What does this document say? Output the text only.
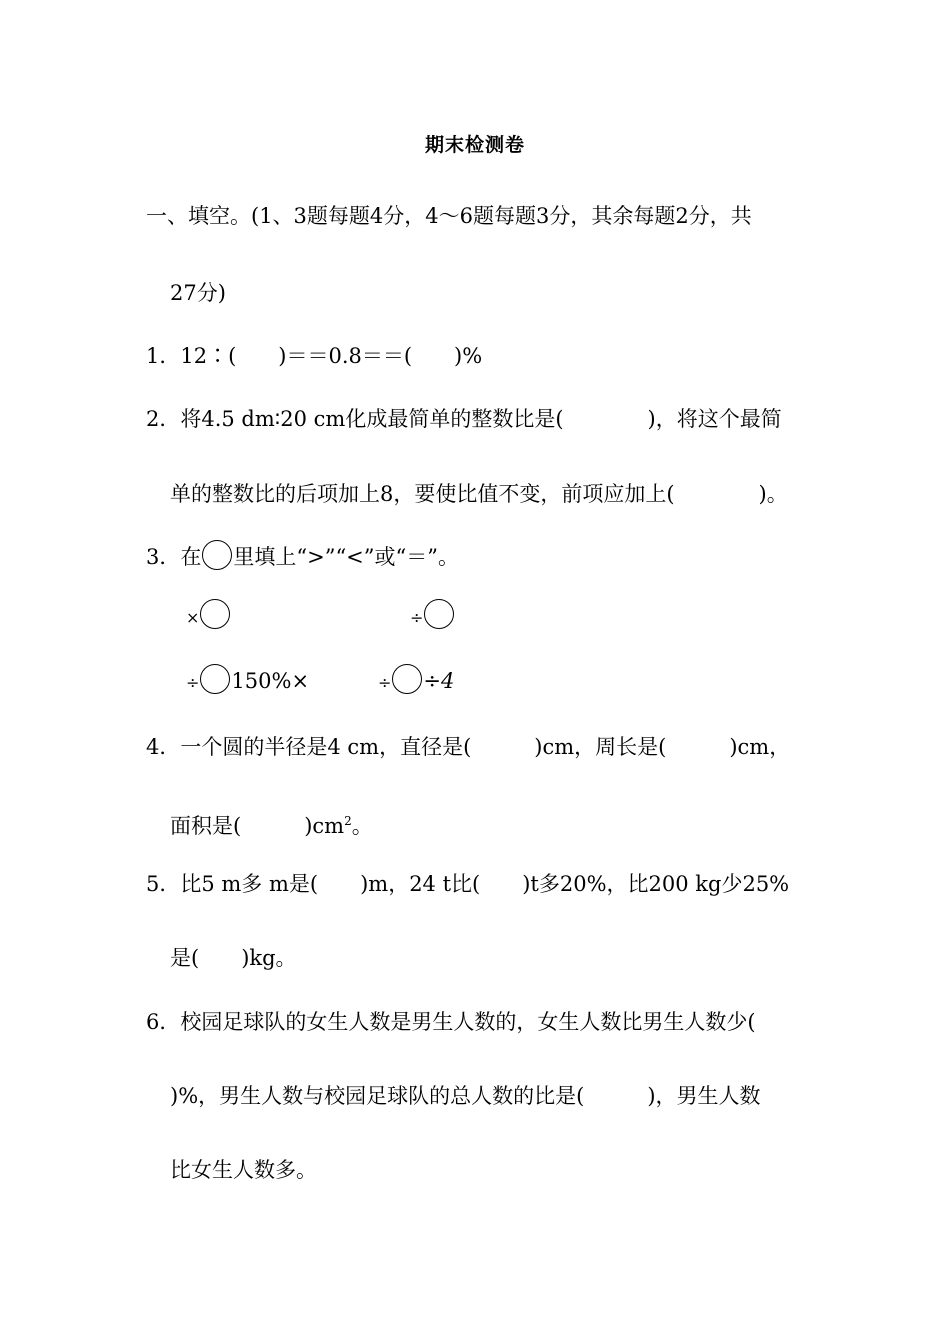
期末检测卷
一、填空。(1、3题每题4分，4～6题每题3分，其余每题2分，共
27分)
1．12∶(　　)＝＝0.8＝＝(　　)%
2．将4.5 dm∶20 cm化成最简单的整数比是(　　　　)，将这个最简
单的整数比的后项加上8，要使比值不变，前项应加上(　　　　)。
3．在 里填上“>”“<”或“＝”。
×	÷
÷ 150%×	÷ ÷4
4．一个圆的半径是4 cm，直径是(　　　)cm，周长是(　　　)cm，
面积是(　　　)$cm^2$。
5．比5 m多 m是(　　)m，24 t比(　　)t多20%，比200 kg少25%
是(　　)kg。
6．校园足球队的女生人数是男生人数的，女生人数比男生人数少(
)%，男生人数与校园足球队的总人数的比是(　　　)，男生人数
比女生人数多。
